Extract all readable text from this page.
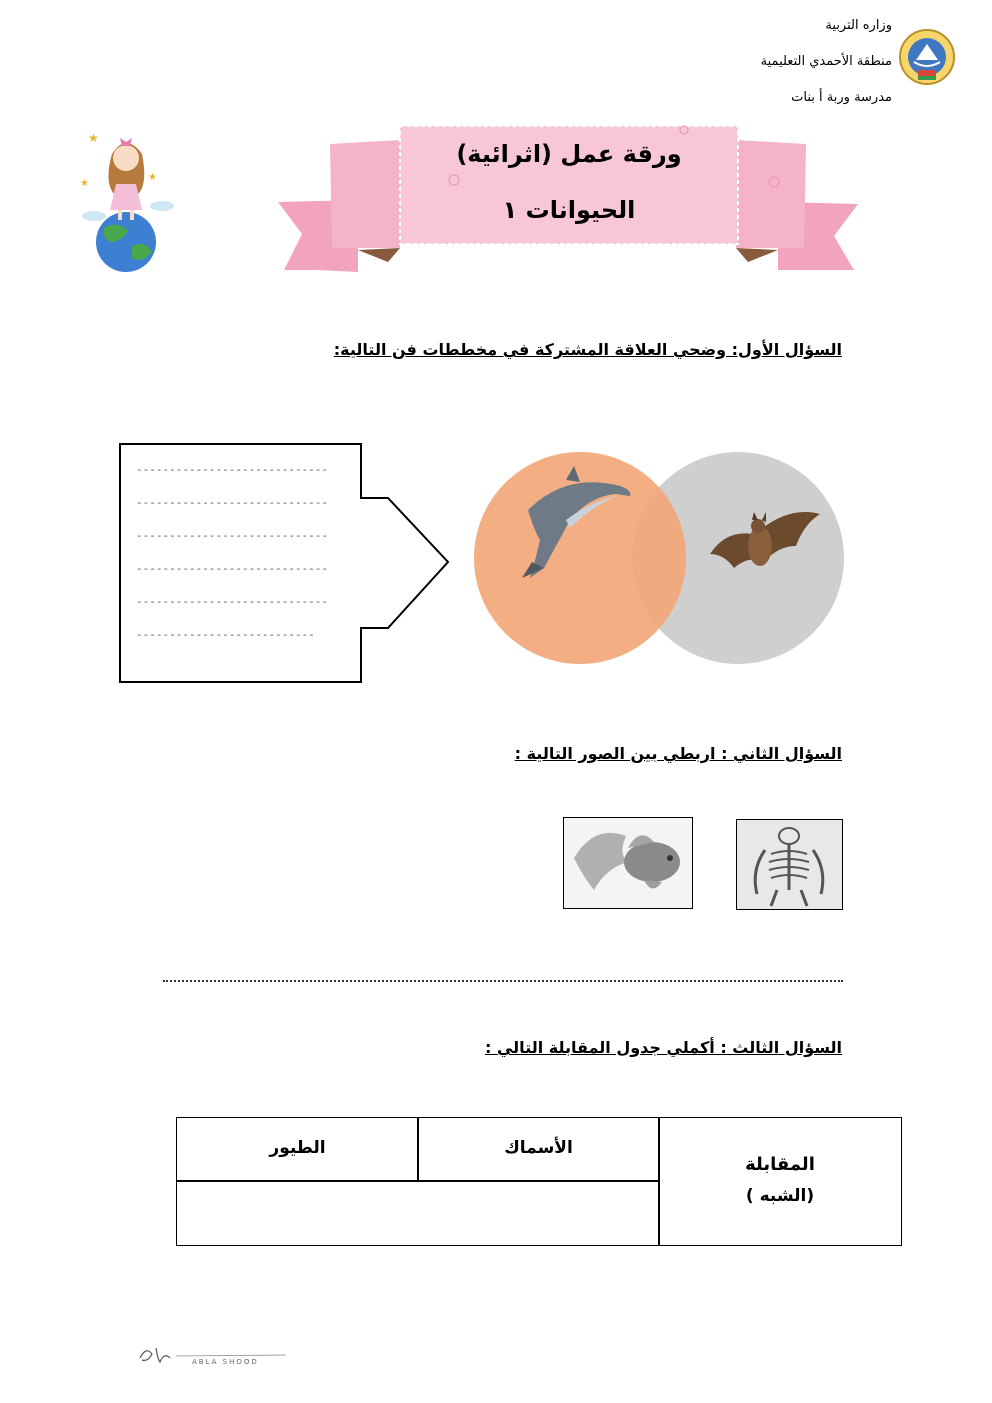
وزاره التربية
منطقة الأحمدي التعليمية
مدرسة وربة أ بنات
★
★
★
ورقة عمل (اثرائية)
الحيوانات ١
السؤال الأول: وضحي العلاقة المشتركة في مخططات فن التالية:
-----------------------------
-----------------------------
-----------------------------
-----------------------------
-----------------------------
---------------------------
السؤال الثاني : اربطي بين الصور التالية :
السؤال الثالث : أكملي جدول المقابلة التالي :
الطيور	الأسماك
المقابلة
(الشبه )
ABLA SHOOD
